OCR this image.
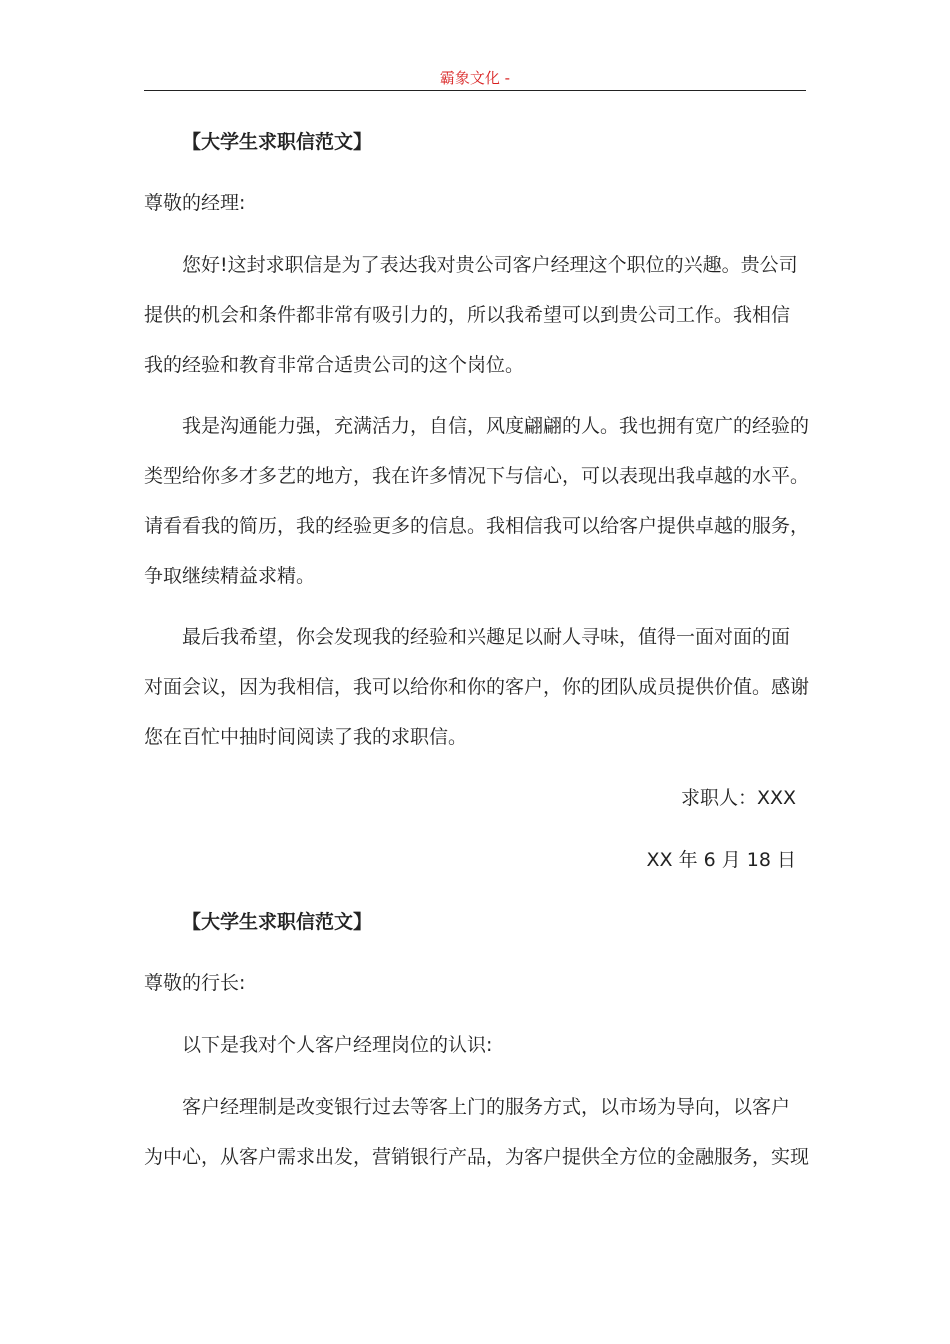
霸象文化 -
【大学生求职信范文】
尊敬的经理:
您好!这封求职信是为了表达我对贵公司客户经理这个职位的兴趣。贵公司
提供的机会和条件都非常有吸引力的，所以我希望可以到贵公司工作。我相信
我的经验和教育非常合适贵公司的这个岗位。
我是沟通能力强，充满活力，自信，风度翩翩的人。我也拥有宽广的经验的
类型给你多才多艺的地方，我在许多情况下与信心，可以表现出我卓越的水平。
请看看我的简历，我的经验更多的信息。我相信我可以给客户提供卓越的服务，
争取继续精益求精。
最后我希望，你会发现我的经验和兴趣足以耐人寻味，值得一面对面的面
对面会议，因为我相信，我可以给你和你的客户，你的团队成员提供价值。感谢
您在百忙中抽时间阅读了我的求职信。
求职人：XXX
XX 年 6 月 18 日
【大学生求职信范文】
尊敬的行长:
以下是我对个人客户经理岗位的认识:
客户经理制是改变银行过去等客上门的服务方式，以市场为导向，以客户
为中心，从客户需求出发，营销银行产品，为客户提供全方位的金融服务，实现
